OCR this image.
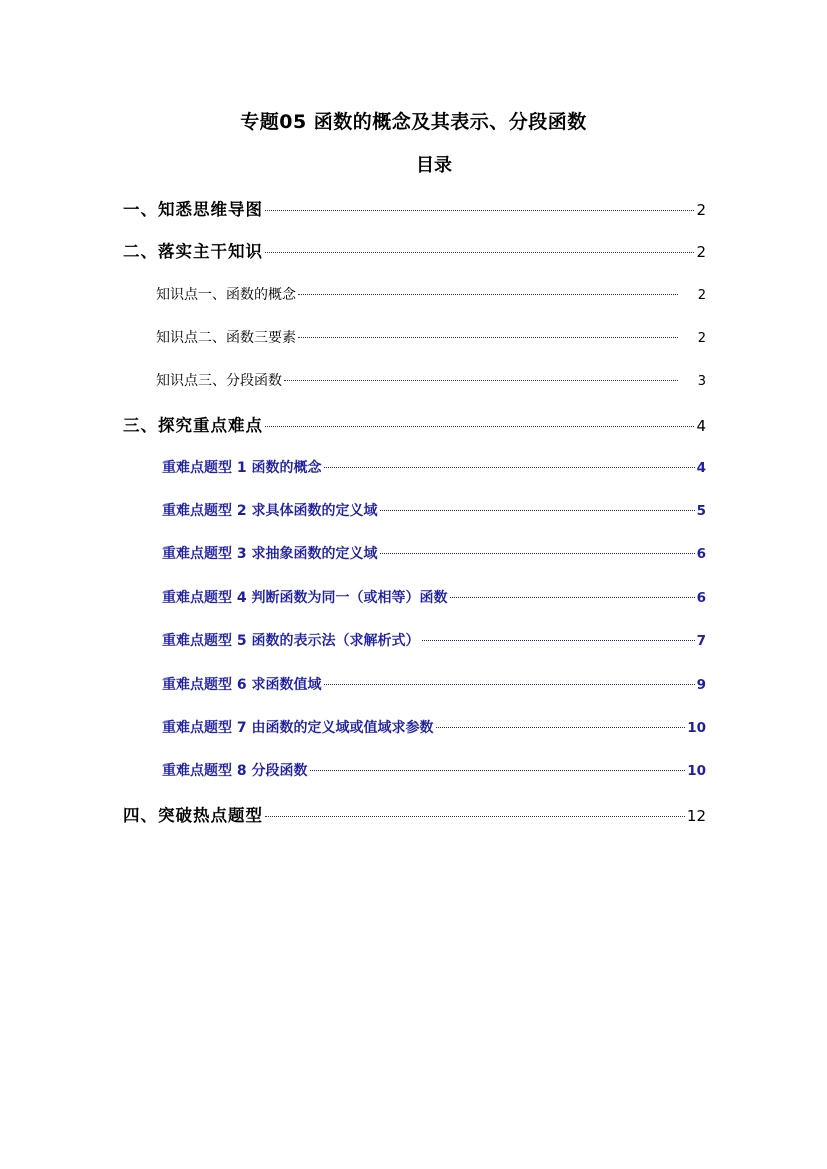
专题05 函数的概念及其表示、分段函数
目录
一、知悉思维导图	2
二、落实主干知识	2
知识点一、函数的概念	2
知识点二、函数三要素	2
知识点三、分段函数	3
三、探究重点难点	4
重难点题型 1 函数的概念	4
重难点题型 2 求具体函数的定义域	5
重难点题型 3 求抽象函数的定义域	6
重难点题型 4 判断函数为同一（或相等）函数	6
重难点题型 5 函数的表示法（求解析式）	7
重难点题型 6 求函数值域	9
重难点题型 7 由函数的定义域或值域求参数	10
重难点题型 8 分段函数	10
四、突破热点题型	12
